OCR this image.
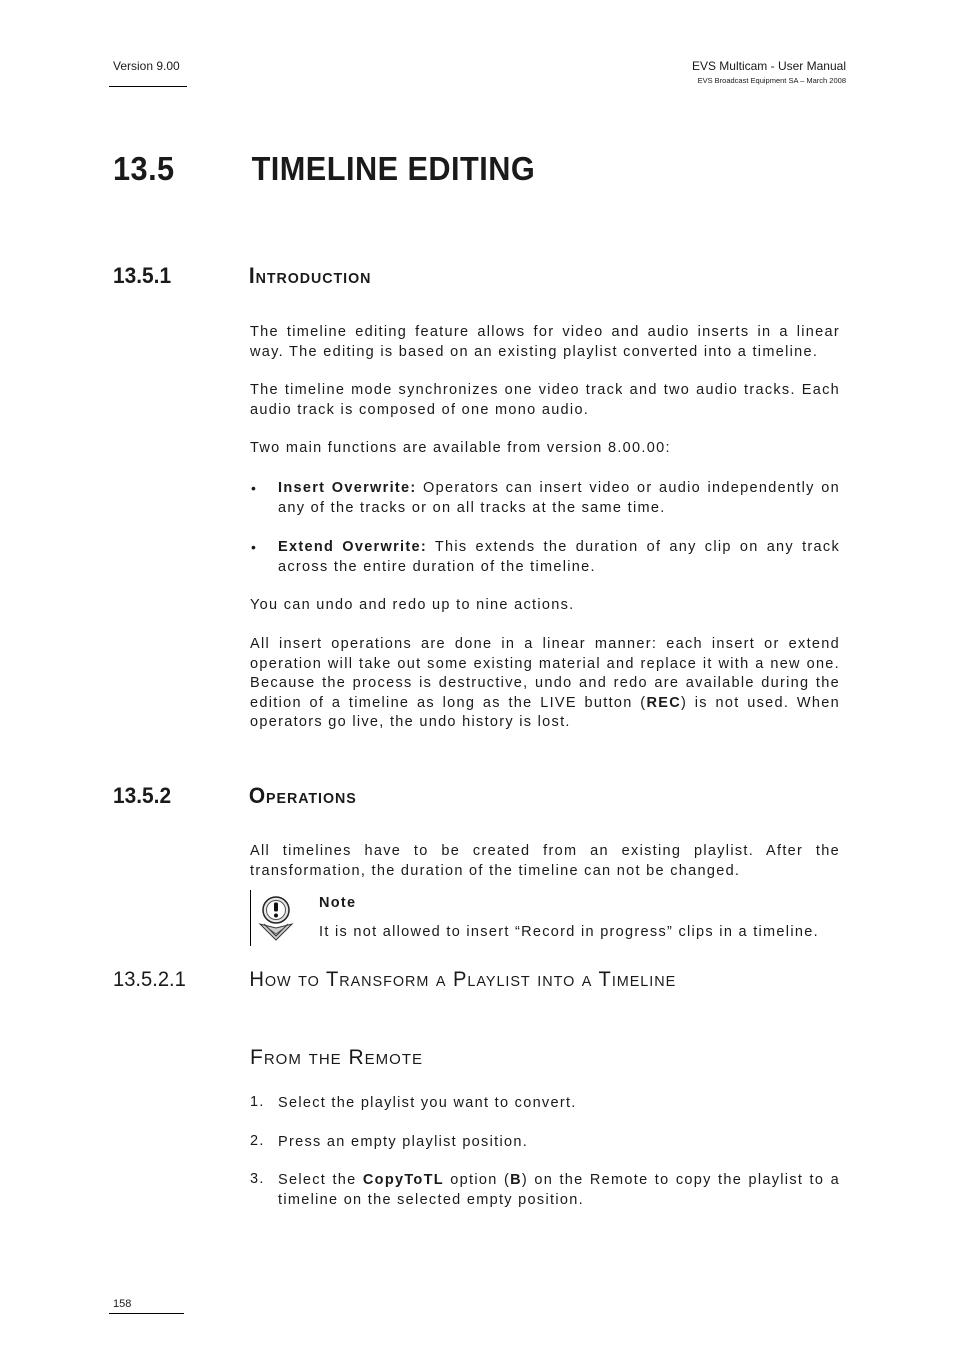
Version 9.00	EVS Multicam - User Manual
EVS Broadcast Equipment SA – March 2008
13.5 TIMELINE EDITING
13.5.1	Introduction
The timeline editing feature allows for video and audio inserts in a linear way. The editing is based on an existing playlist converted into a timeline.
The timeline mode synchronizes one video track and two audio tracks. Each audio track is composed of one mono audio.
Two main functions are available from version 8.00.00:
• Insert Overwrite: Operators can insert video or audio independently on any of the tracks or on all tracks at the same time.
• Extend Overwrite: This extends the duration of any clip on any track across the entire duration of the timeline.
You can undo and redo up to nine actions.
All insert operations are done in a linear manner: each insert or extend operation will take out some existing material and replace it with a new one. Because the process is destructive, undo and redo are available during the edition of a timeline as long as the LIVE button (REC) is not used. When operators go live, the undo history is lost.
13.5.2	Operations
All timelines have to be created from an existing playlist. After the transformation, the duration of the timeline can not be changed.
Note
It is not allowed to insert “Record in progress” clips in a timeline.
13.5.2.1	How to Transform a Playlist into a Timeline
From the Remote
1. Select the playlist you want to convert.
2. Press an empty playlist position.
3. Select the CopyToTL option (B) on the Remote to copy the playlist to a timeline on the selected empty position.
158
